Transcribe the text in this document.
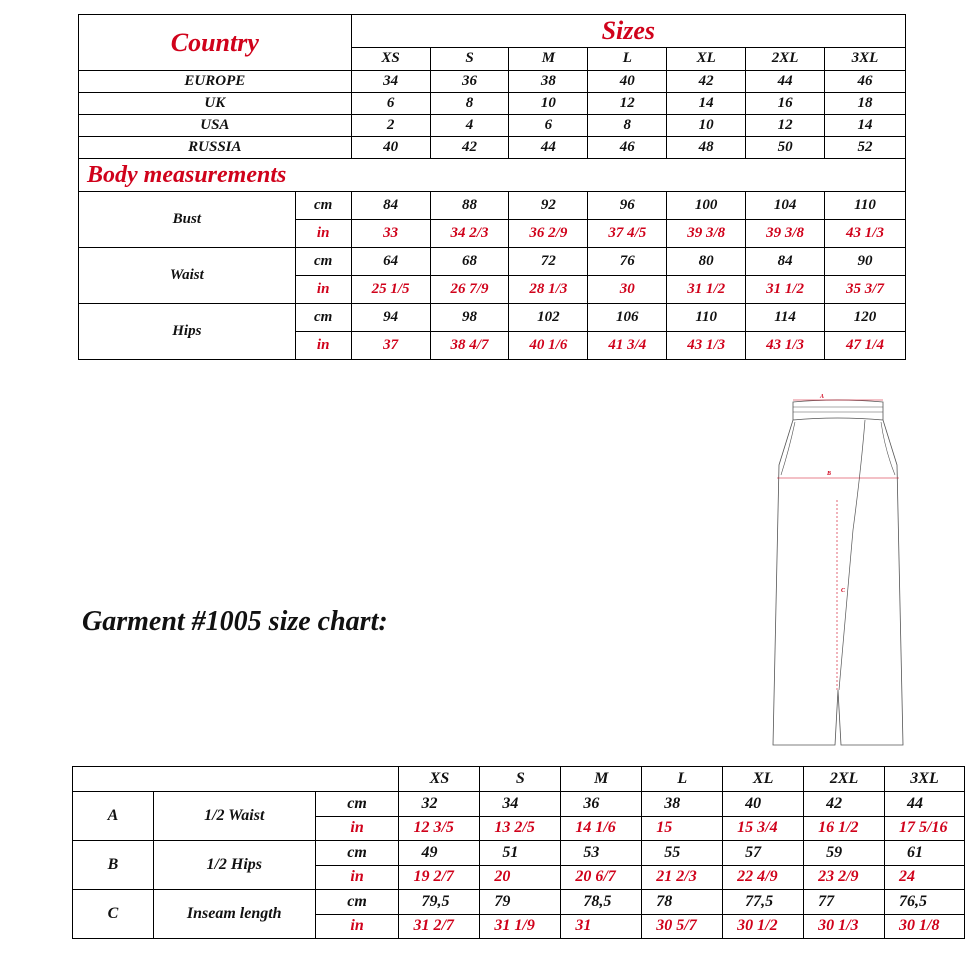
Country		Sizes						
		XS	S	M	L	XL	2XL	3XL
EUROPE		34	36	38	40	42	44	46
UK		6	8	10	12	14	16	18
USA		2	4	6	8	10	12	14
RUSSIA		40	42	44	46	48	50	52
Body measurements								
Bust	cm	84	88	92	96	100	104	110
	in	33	34 2/3	36 2/9	37 4/5	39 3/8	39 3/8	43 1/3
Waist	cm	64	68	72	76	80	84	90
	in	25 1/5	26 7/9	28 1/3	30	31 1/2	31 1/2	35 3/7
Hips	cm	94	98	102	106	110	114	120
	in	37	38 4/7	40 1/6	41 3/4	43 1/3	43 1/3	47 1/4
Garment #1005 size chart:
A
B
C
			XS	S	M	L	XL	2XL	3XL
A	1/2 Waist	cm	32	34	36	38	40	42	44
		in	12 3/5	13 2/5	14 1/6	15	15 3/4	16 1/2	17 5/16
B	1/2 Hips	cm	49	51	53	55	57	59	61
		in	19 2/7	20	20 6/7	21 2/3	22 4/9	23 2/9	24
C	Inseam length	cm	79,5	79	78,5	78	77,5	77	76,5
		in	31 2/7	31 1/9	31	30 5/7	30 1/2	30 1/3	30 1/8
